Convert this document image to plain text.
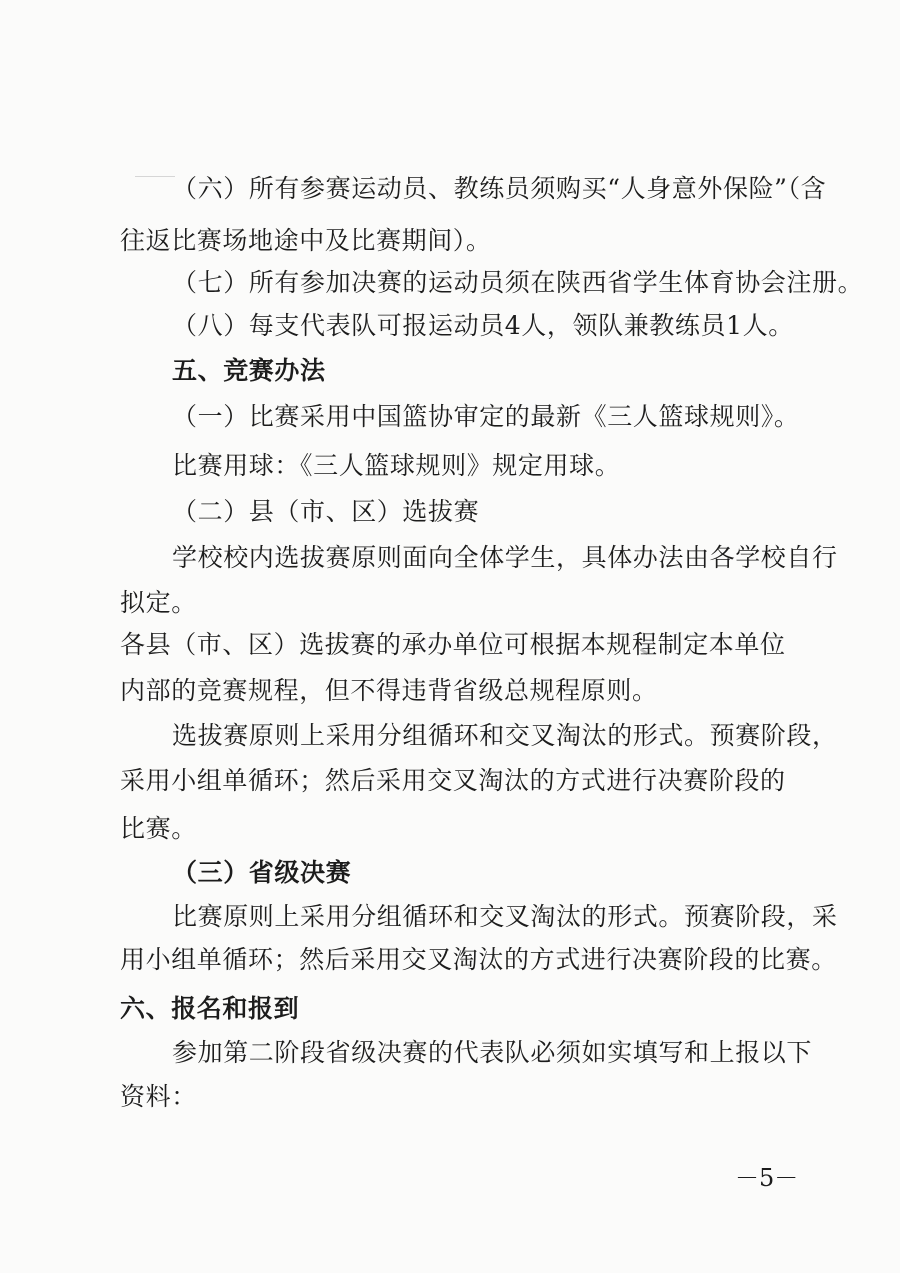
（六）所有参赛运动员、教练员须购买“人身意外保险”（含
往返比赛场地途中及比赛期间）。
（七）所有参加决赛的运动员须在陕西省学生体育协会注册。
（八）每支代表队可报运动员4人，领队兼教练员1人。
五、竞赛办法
（一）比赛采用中国篮协审定的最新《三人篮球规则》。
比赛用球：《三人篮球规则》规定用球。
（二）县（市、区）选拔赛
学校校内选拔赛原则面向全体学生，具体办法由各学校自行
拟定。
各县（市、区）选拔赛的承办单位可根据本规程制定本单位
内部的竞赛规程，但不得违背省级总规程原则。
选拔赛原则上采用分组循环和交叉淘汰的形式。预赛阶段，
采用小组单循环；然后采用交叉淘汰的方式进行决赛阶段的
比赛。
（三）省级决赛
比赛原则上采用分组循环和交叉淘汰的形式。预赛阶段，采
用小组单循环；然后采用交叉淘汰的方式进行决赛阶段的比赛。
六、报名和报到
参加第二阶段省级决赛的代表队必须如实填写和上报以下
资料：
－5－
